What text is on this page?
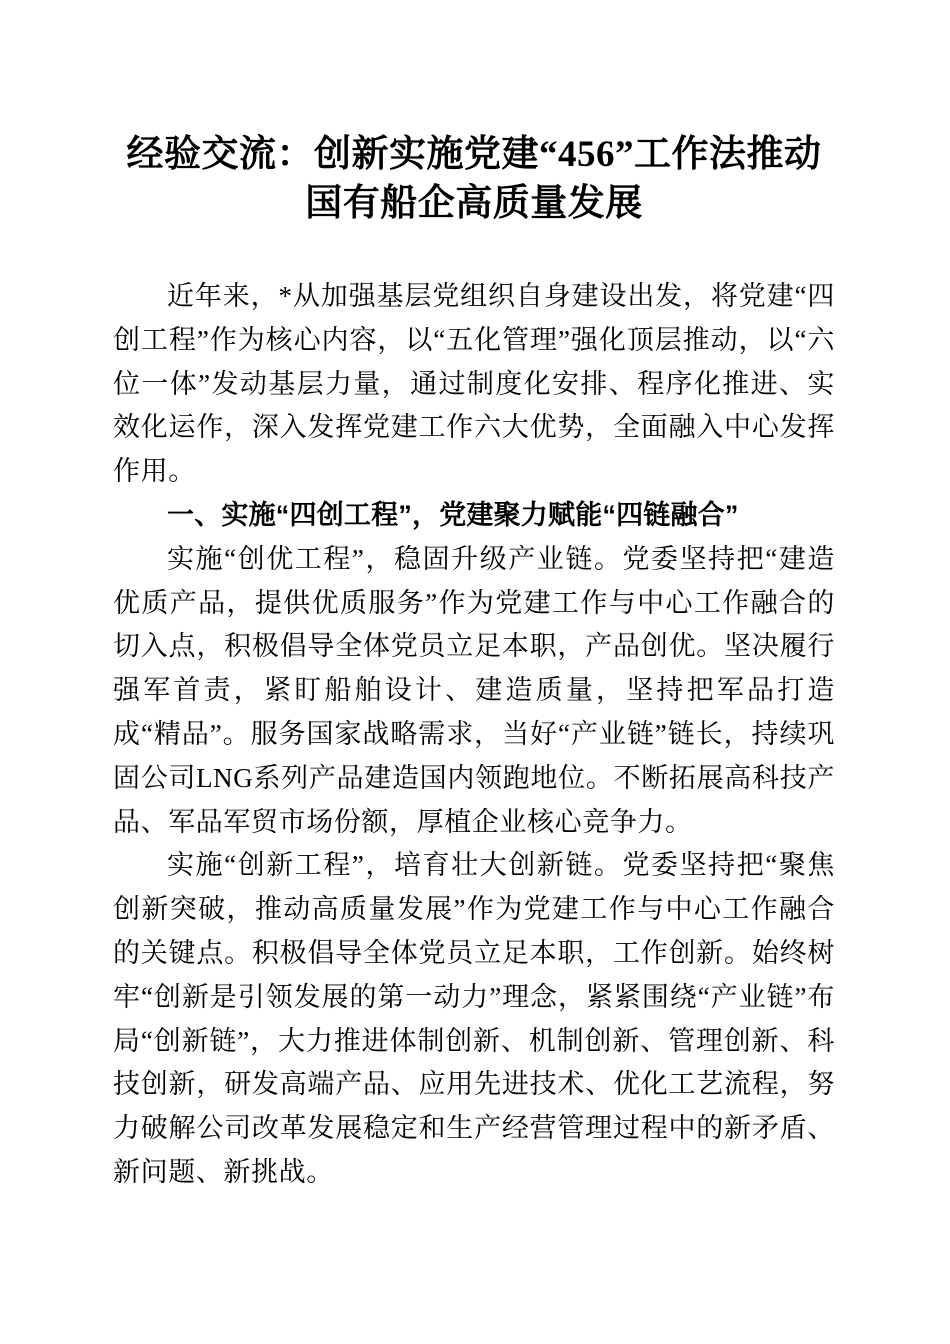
经验交流：创新实施党建“456”工作法推动
国有船企高质量发展

近年来，*从加强基层党组织自身建设出发，将党建“四创工程”作为核心内容，以“五化管理”强化顶层推动，以“六位一体”发动基层力量，通过制度化安排、程序化推进、实效化运作，深入发挥党建工作六大优势，全面融入中心发挥作用。

一、实施“四创工程”，党建聚力赋能“四链融合”

实施“创优工程”，稳固升级产业链。党委坚持把“建造优质产品，提供优质服务”作为党建工作与中心工作融合的切入点，积极倡导全体党员立足本职，产品创优。坚决履行强军首责，紧盯船舶设计、建造质量，坚持把军品打造成“精品”。服务国家战略需求，当好“产业链”链长，持续巩固公司LNG系列产品建造国内领跑地位。不断拓展高科技产品、军品军贸市场份额，厚植企业核心竞争力。

实施“创新工程”，培育壮大创新链。党委坚持把“聚焦创新突破，推动高质量发展”作为党建工作与中心工作融合的关键点。积极倡导全体党员立足本职，工作创新。始终树牢“创新是引领发展的第一动力”理念，紧紧围绕“产业链”布局“创新链”，大力推进体制创新、机制创新、管理创新、科技创新，研发高端产品、应用先进技术、优化工艺流程，努力破解公司改革发展稳定和生产经营管理过程中的新矛盾、新问题、新挑战。
